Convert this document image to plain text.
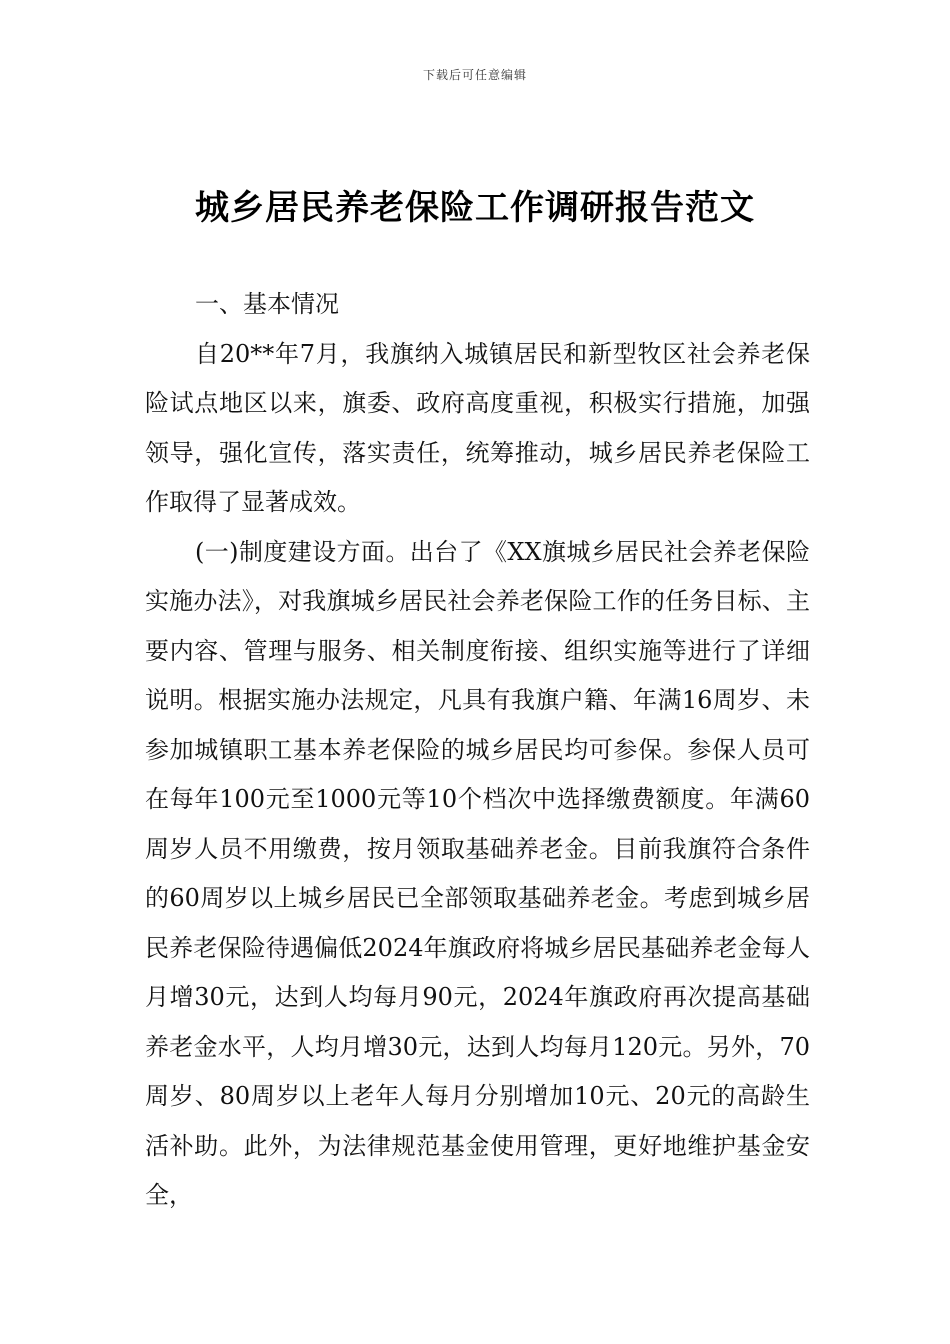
下载后可任意编辑
城乡居民养老保险工作调研报告范文

一、基本情况

自20**年7月，我旗纳入城镇居民和新型牧区社会养老保险试点地区以来，旗委、政府高度重视，积极实行措施，加强领导，强化宣传，落实责任，统筹推动，城乡居民养老保险工作取得了显著成效。

(一)制度建设方面。出台了《XX旗城乡居民社会养老保险实施办法》，对我旗城乡居民社会养老保险工作的任务目标、主要内容、管理与服务、相关制度衔接、组织实施等进行了详细说明。根据实施办法规定，凡具有我旗户籍、年满16周岁、未参加城镇职工基本养老保险的城乡居民均可参保。参保人员可在每年100元至1000元等10个档次中选择缴费额度。年满60周岁人员不用缴费，按月领取基础养老金。目前我旗符合条件的60周岁以上城乡居民已全部领取基础养老金。考虑到城乡居民养老保险待遇偏低2024年旗政府将城乡居民基础养老金每人月增30元，达到人均每月90元，2024年旗政府再次提高基础养老金水平，人均月增30元，达到人均每月120元。另外，70周岁、80周岁以上老年人每月分别增加10元、20元的高龄生活补助。此外，为法律规范基金使用管理，更好地维护基金安全，
